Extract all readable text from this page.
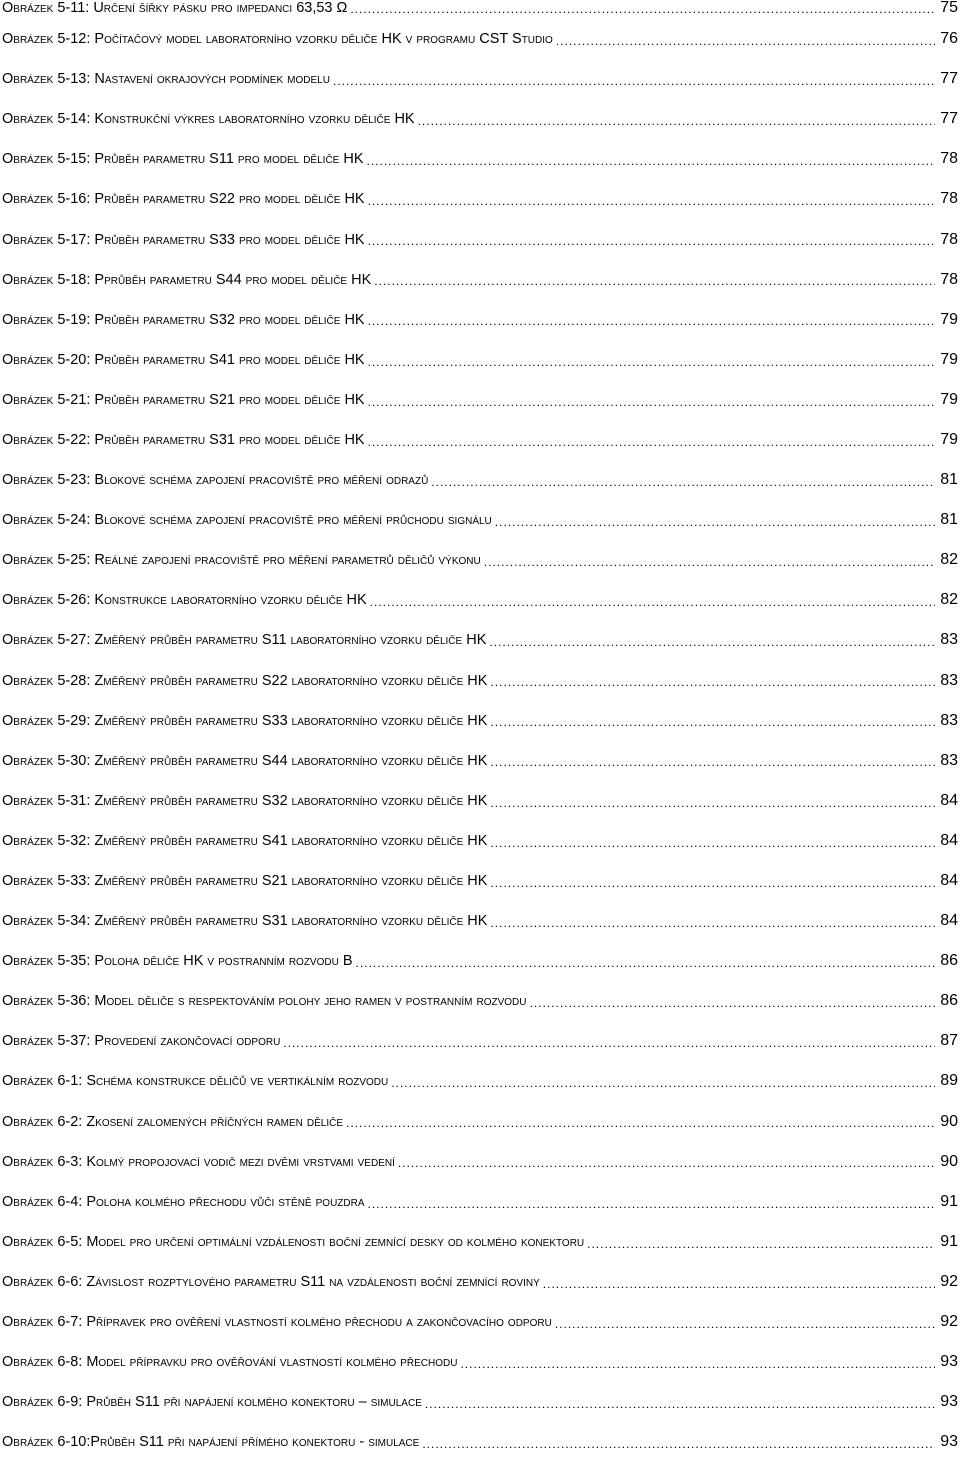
Obrázek 5-11: Určení šířky pásku pro impedanci 63,53 Ω .....	75
Obrázek 5-12: Počítačový model laboratorního vzorku děliče HK v programu CST Studio .....	76
Obrázek 5-13: Nastavení okrajových podmínek modelu .....	77
Obrázek 5-14: Konstrukční výkres laboratorního vzorku děliče HK .....	77
Obrázek 5-15: Průběh parametru S11 pro model děliče HK .....	78
Obrázek 5-16: Průběh parametru S22 pro model děliče HK .....	78
Obrázek 5-17: Průběh parametru S33 pro model děliče HK .....	78
Obrázek 5-18: Pprůběh parametru S44 pro model děliče HK .....	78
Obrázek 5-19: Průběh parametru S32 pro model děliče HK .....	79
Obrázek 5-20: Průběh parametru S41 pro model děliče HK .....	79
Obrázek 5-21: Průběh parametru S21 pro model děliče HK .....	79
Obrázek 5-22: Průběh parametru S31 pro model děliče HK .....	79
Obrázek 5-23: Blokové schéma zapojení pracoviště pro měření odrazů .....	81
Obrázek 5-24: Blokové schéma zapojení pracoviště pro měření průchodu signálu .....	81
Obrázek 5-25: Reálné zapojení pracoviště pro měření parametrů děličů výkonu .....	82
Obrázek 5-26: Konstrukce laboratorního vzorku děliče HK .....	82
Obrázek 5-27: Změřený průběh parametru S11 laboratorního vzorku děliče HK .....	83
Obrázek 5-28: Změřený průběh parametru S22 laboratorního vzorku děliče HK .....	83
Obrázek 5-29: Změřený průběh parametru S33 laboratorního vzorku děliče HK .....	83
Obrázek 5-30: Změřený průběh parametru S44 laboratorního vzorku děliče HK .....	83
Obrázek 5-31: Změřený průběh parametru S32 laboratorního vzorku děliče HK .....	84
Obrázek 5-32: Změřený průběh parametru S41 laboratorního vzorku děliče HK .....	84
Obrázek 5-33: Změřený průběh parametru S21 laboratorního vzorku děliče HK .....	84
Obrázek 5-34: Změřený průběh parametru S31 laboratorního vzorku děliče HK .....	84
Obrázek 5-35: Poloha děliče HK v postranním rozvodu B .....	86
Obrázek 5-36: Model děliče s respektováním polohy jeho ramen v postranním rozvodu .....	86
Obrázek 5-37: Provedení zakončovací odporu .....	87
Obrázek 6-1: Schéma konstrukce děličů ve vertikálním rozvodu .....	89
Obrázek 6-2: Zkosení zalomených příčných ramen děliče .....	90
Obrázek 6-3: Kolmý propojovací vodič mezi dvěmi vrstvami vedení .....	90
Obrázek 6-4: Poloha kolmého přechodu vůči stěně pouzdra .....	91
Obrázek 6-5: Model pro určení optimální vzdálenosti boční zemnící desky od kolmého konektoru .....	91
Obrázek 6-6: Závislost rozptylového parametru S11 na vzdálenosti boční zemnící roviny .....	92
Obrázek 6-7: Přípravek pro ověření vlastností kolmého přechodu a zakončovacího odporu .....	92
Obrázek 6-8: Model přípravku pro ověřování vlastností kolmého přechodu .....	93
Obrázek 6-9: Průběh S11 při napájení kolmého konektoru – simulace .....	93
Obrázek 6-10:Průběh S11 při napájení přímého konektoru - simulace .....	93
